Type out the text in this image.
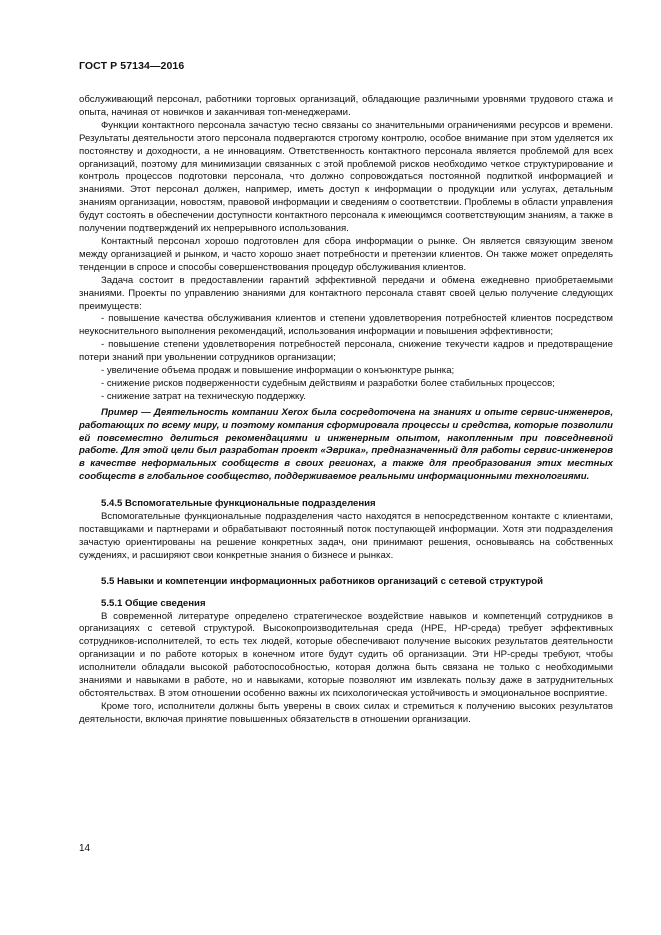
ГОСТ Р 57134—2016

обслуживающий персонал, работники торговых организаций, обладающие различными уровнями трудового стажа и опыта, начиная от новичков и заканчивая топ-менеджерами.

Функции контактного персонала зачастую тесно связаны со значительными ограничениями ресурсов и времени. Результаты деятельности этого персонала подвергаются строгому контролю, особое внимание при этом уделяется их постоянству и доходности, а не инновациям. Ответственность контактного персонала является проблемой для всех организаций, поэтому для минимизации связанных с этой проблемой рисков необходимо четкое структурирование и контроль процессов подготовки персонала, что должно сопровождаться постоянной подпиткой информацией и знаниями. Этот персонал должен, например, иметь доступ к информации о продукции или услугах, детальным знаниям организации, новостям, правовой информации и сведениям о соответствии. Проблемы в области управления будут состоять в обеспечении доступности контактного персонала к имеющимся соответствующим знаниям, а также в получении подтверждений их непрерывного использования.

Контактный персонал хорошо подготовлен для сбора информации о рынке. Он является связующим звеном между организацией и рынком, и часто хорошо знает потребности и претензии клиентов. Он также может определять тенденции в спросе и способы совершенствования процедур обслуживания клиентов.

Задача состоит в предоставлении гарантий эффективной передачи и обмена ежедневно приобретаемыми знаниями. Проекты по управлению знаниями для контактного персонала ставят своей целью получение следующих преимуществ:

- повышение качества обслуживания клиентов и степени удовлетворения потребностей клиентов посредством неукоснительного выполнения рекомендаций, использования информации и повышения эффективности;

- повышение степени удовлетворения потребностей персонала, снижение текучести кадров и предотвращение потери знаний при увольнении сотрудников организации;

- увеличение объема продаж и повышение информации о конъюнктуре рынка;

- снижение рисков подверженности судебным действиям и разработки более стабильных процессов;

- снижение затрат на техническую поддержку.

Пример — Деятельность компании Xerox была сосредоточена на знаниях и опыте сервис-инженеров, работающих по всему миру, и поэтому компания сформировала процессы и средства, которые позволили ей повсеместно делиться рекомендациями и инженерным опытом, накопленным при повседневной работе. Для этой цели был разработан проект «Эврика», предназначенный для работы сервис-инженеров в качестве неформальных сообществ в своих регионах, а также для преобразования этих местных сообществ в глобальное сообщество, поддерживаемое реальными информационными технологиями.

5.4.5 Вспомогательные функциональные подразделения

Вспомогательные функциональные подразделения часто находятся в непосредственном контакте с клиентами, поставщиками и партнерами и обрабатывают постоянный поток поступающей информации. Хотя эти подразделения зачастую ориентированы на решение конкретных задач, они принимают решения, основываясь на собственных суждениях, и расширяют свои конкретные знания о бизнесе и рынках.

5.5 Навыки и компетенции информационных работников организаций с сетевой структурой

5.5.1 Общие сведения

В современной литературе определено стратегическое воздействие навыков и компетенций сотрудников в организациях с сетевой структурой. Высокопроизводительная среда (HPE, HP-среда) требует эффективных сотрудников-исполнителей, то есть тех людей, которые обеспечивают получение высоких результатов деятельности организации и по работе которых в конечном итоге будут судить об организации. Эти HP-среды требуют, чтобы исполнители обладали высокой работоспособностью, которая должна быть связана не только с необходимыми знаниями и навыками в работе, но и навыками, которые позволяют им извлекать пользу даже в затруднительных обстоятельствах. В этом отношении особенно важны их психологическая устойчивость и эмоциональное восприятие.

Кроме того, исполнители должны быть уверены в своих силах и стремиться к получению высоких результатов деятельности, включая принятие повышенных обязательств в отношении организации.

14
